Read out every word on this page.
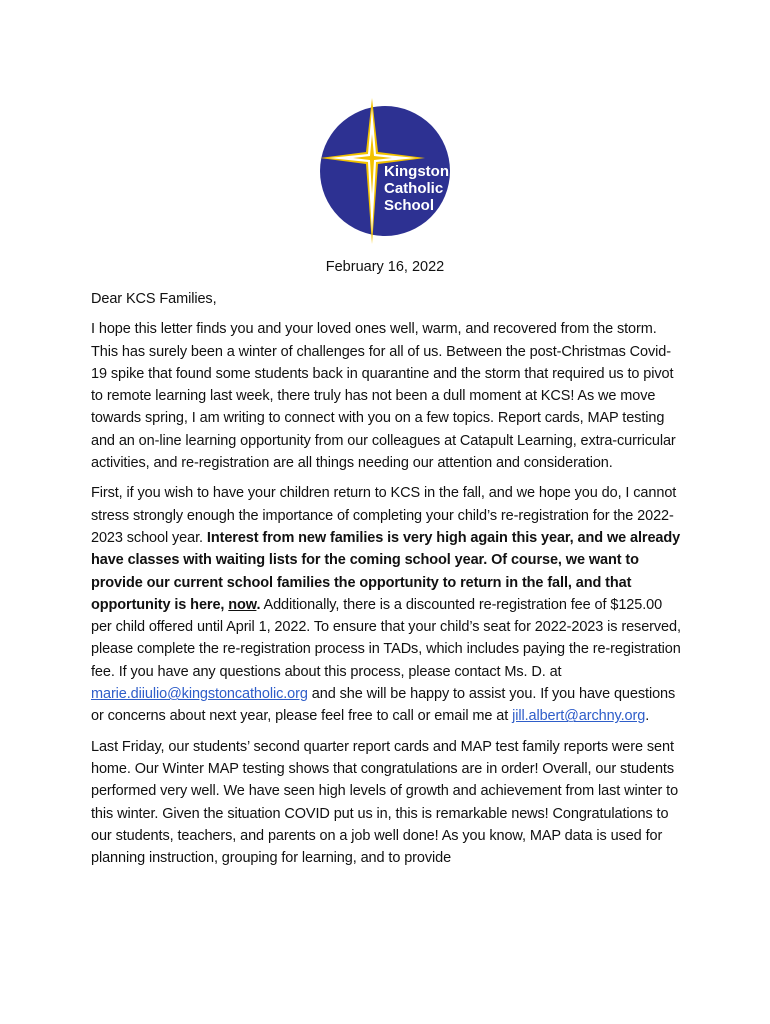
Kingston
Catholic
School
February 16, 2022

Dear KCS Families,

I hope this letter finds you and your loved ones well, warm, and recovered from the storm. This has surely been a winter of challenges for all of us. Between the post-Christmas Covid-19 spike that found some students back in quarantine and the storm that required us to pivot to remote learning last week, there truly has not been a dull moment at KCS! As we move towards spring, I am writing to connect with you on a few topics. Report cards, MAP testing and an on-line learning opportunity from our colleagues at Catapult Learning, extra-curricular activities, and re-registration are all things needing our attention and consideration.

First, if you wish to have your children return to KCS in the fall, and we hope you do, I cannot stress strongly enough the importance of completing your child’s re-registration for the 2022-2023 school year. Interest from new families is very high again this year, and we already have classes with waiting lists for the coming school year. Of course, we want to provide our current school families the opportunity to return in the fall, and that opportunity is here, now. Additionally, there is a discounted re-registration fee of $125.00 per child offered until April 1, 2022. To ensure that your child’s seat for 2022-2023 is reserved, please complete the re-registration process in TADs, which includes paying the re-registration fee. If you have any questions about this process, please contact Ms. D. at marie.diiulio@kingstoncatholic.org and she will be happy to assist you. If you have questions or concerns about next year, please feel free to call or email me at jill.albert@archny.org.

Last Friday, our students’ second quarter report cards and MAP test family reports were sent home. Our Winter MAP testing shows that congratulations are in order! Overall, our students performed very well. We have seen high levels of growth and achievement from last winter to this winter. Given the situation COVID put us in, this is remarkable news! Congratulations to our students, teachers, and parents on a job well done! As you know, MAP data is used for planning instruction, grouping for learning, and to provide
